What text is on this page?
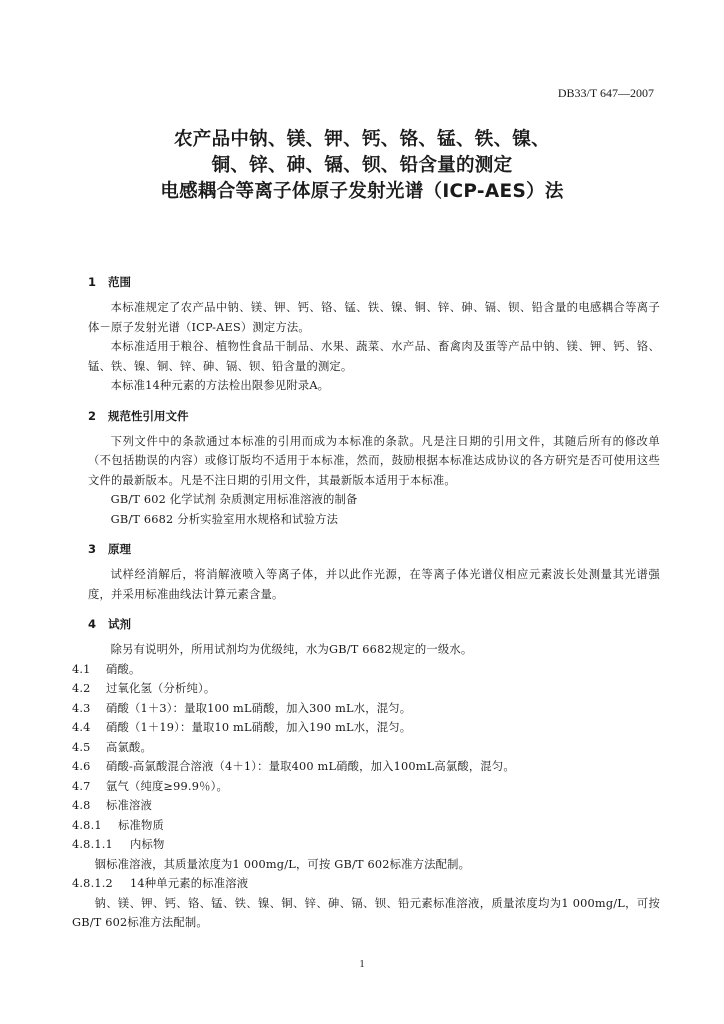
DB33/T 647—2007
农产品中钠、镁、钾、钙、铬、锰、铁、镍、
铜、锌、砷、镉、钡、铅含量的测定
电感耦合等离子体原子发射光谱（ICP-AES）法
1 范围

本标准规定了农产品中钠、镁、钾、钙、铬、锰、铁、镍、铜、锌、砷、镉、钡、铅含量的电感耦合等离子体－原子发射光谱（ICP-AES）测定方法。

本标准适用于粮谷、植物性食品干制品、水果、蔬菜、水产品、畜禽肉及蛋等产品中钠、镁、钾、钙、铬、锰、铁、镍、铜、锌、砷、镉、钡、铅含量的测定。

本标准14种元素的方法检出限参见附录A。

2 规范性引用文件

下列文件中的条款通过本标准的引用而成为本标准的条款。凡是注日期的引用文件，其随后所有的修改单（不包括勘误的内容）或修订版均不适用于本标准，然而，鼓励根据本标准达成协议的各方研究是否可使用这些文件的最新版本。凡是不注日期的引用文件，其最新版本适用于本标准。

GB/T 602 化学试剂 杂质测定用标准溶液的制备

GB/T 6682 分析实验室用水规格和试验方法

3 原理

试样经消解后，将消解液喷入等离子体，并以此作光源，在等离子体光谱仪相应元素波长处测量其光谱强度，并采用标准曲线法计算元素含量。

4 试剂

除另有说明外，所用试剂均为优级纯，水为GB/T 6682规定的一级水。

4.1 硝酸。

4.2 过氧化氢（分析纯）。

4.3 硝酸（1＋3）：量取100 mL硝酸，加入300 mL水，混匀。

4.4 硝酸（1＋19）：量取10 mL硝酸，加入190 mL水，混匀。

4.5 高氯酸。

4.6 硝酸-高氯酸混合溶液（4＋1）：量取400 mL硝酸，加入100mL高氯酸，混匀。

4.7 氩气（纯度≥99.9％）。

4.8 标准溶液

4.8.1 标准物质

4.8.1.1 内标物

铟标准溶液，其质量浓度为1 000mg/L，可按 GB/T 602标准方法配制。

4.8.1.2 14种单元素的标准溶液

钠、镁、钾、钙、铬、锰、铁、镍、铜、锌、砷、镉、钡、铅元素标准溶液，质量浓度均为1 000mg/L，可按GB/T 602标准方法配制。

1
